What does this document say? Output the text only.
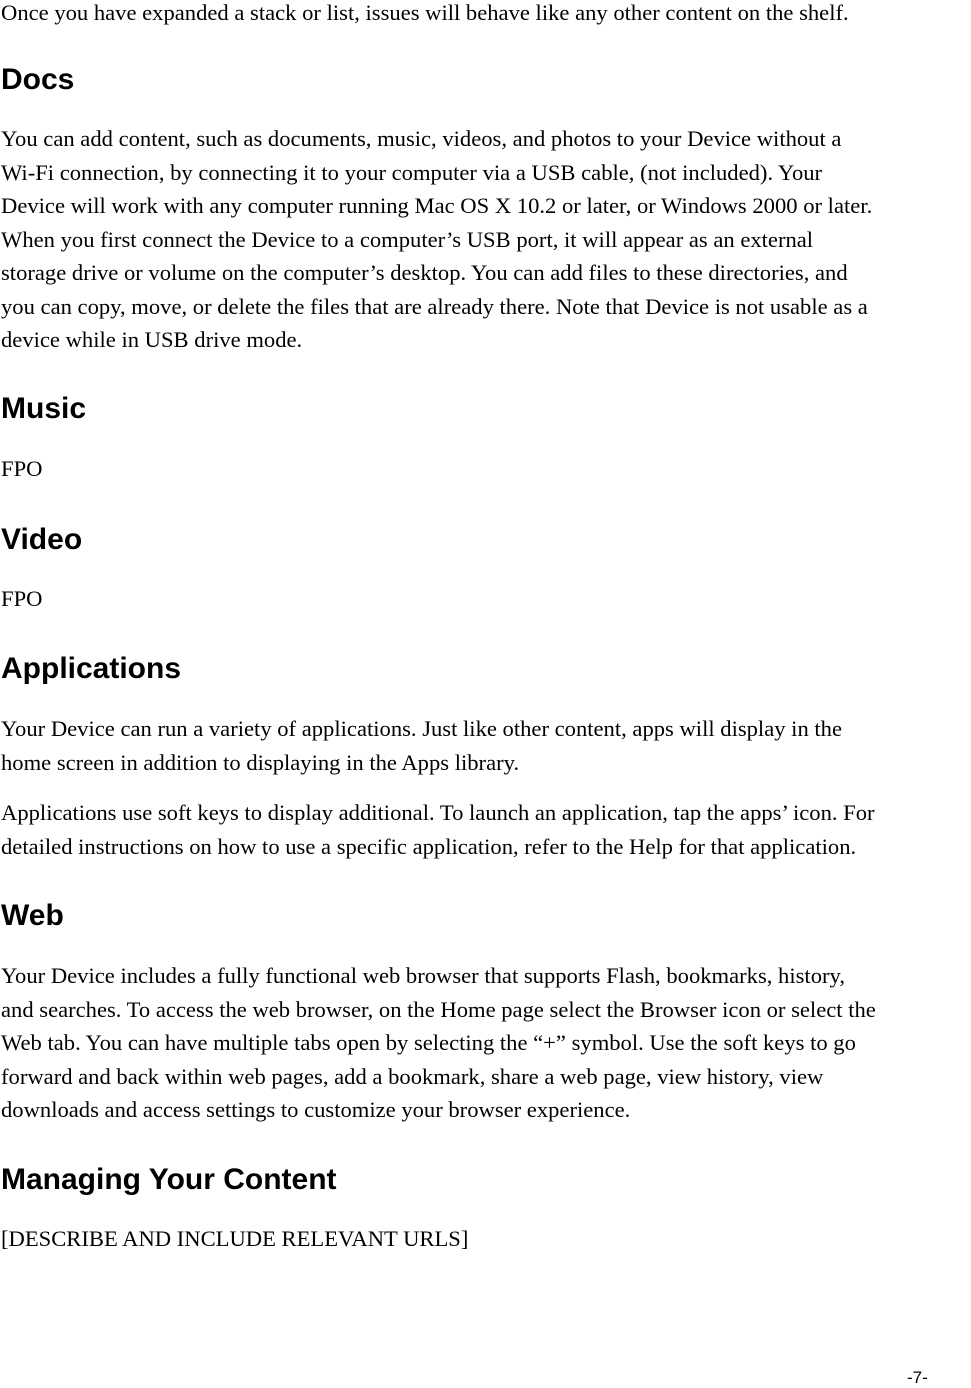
Once you have expanded a stack or list, issues will behave like any other content on the shelf.

Docs

You can add content, such as documents, music, videos, and photos to your Device without a
Wi-Fi connection, by connecting it to your computer via a USB cable, (not included). Your
Device will work with any computer running Mac OS X 10.2 or later, or Windows 2000 or later.
When you first connect the Device to a computer’s USB port, it will appear as an external
storage drive or volume on the computer’s desktop. You can add files to these directories, and
you can copy, move, or delete the files that are already there. Note that Device is not usable as a
device while in USB drive mode.

Music

FPO

Video

FPO

Applications

Your Device can run a variety of applications. Just like other content, apps will display in the
home screen in addition to displaying in the Apps library.

Applications use soft keys to display additional. To launch an application, tap the apps’ icon. For
detailed instructions on how to use a specific application, refer to the Help for that application.

Web

Your Device includes a fully functional web browser that supports Flash, bookmarks, history,
and searches. To access the web browser, on the Home page select the Browser icon or select the
Web tab. You can have multiple tabs open by selecting the “+” symbol. Use the soft keys to go
forward and back within web pages, add a bookmark, share a web page, view history, view
downloads and access settings to customize your browser experience.

Managing Your Content

[DESCRIBE AND INCLUDE RELEVANT URLS]

-7-
